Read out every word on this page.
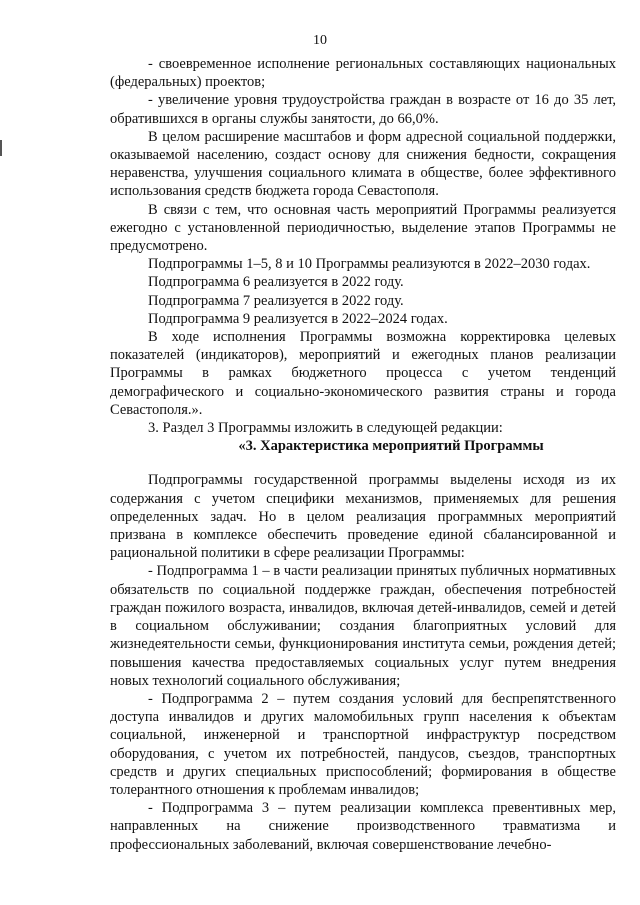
10

- своевременное исполнение региональных составляющих национальных (федеральных) проектов;

- увеличение уровня трудоустройства граждан в возрасте от 16 до 35 лет, обратившихся в органы службы занятости, до 66,0%.

В целом расширение масштабов и форм адресной социальной поддержки, оказываемой населению, создаст основу для снижения бедности, сокращения неравенства, улучшения социального климата в обществе, более эффективного использования средств бюджета города Севастополя.

В связи с тем, что основная часть мероприятий Программы реализуется ежегодно с установленной периодичностью, выделение этапов Программы не предусмотрено.

Подпрограммы 1–5, 8 и 10 Программы реализуются в 2022–2030 годах.

Подпрограмма 6 реализуется в 2022 году.

Подпрограмма 7 реализуется в 2022 году.

Подпрограмма 9 реализуется в 2022–2024 годах.

В ходе исполнения Программы возможна корректировка целевых показателей (индикаторов), мероприятий и ежегодных планов реализации Программы в рамках бюджетного процесса с учетом тенденций демографического и социально-экономического развития страны и города Севастополя.».

3. Раздел 3 Программы изложить в следующей редакции:

«3. Характеристика мероприятий Программы

Подпрограммы государственной программы выделены исходя из их содержания с учетом специфики механизмов, применяемых для решения определенных задач. Но в целом реализация программных мероприятий призвана в комплексе обеспечить проведение единой сбалансированной и рациональной политики в сфере реализации Программы:

- Подпрограмма 1 – в части реализации принятых публичных нормативных обязательств по социальной поддержке граждан, обеспечения потребностей граждан пожилого возраста, инвалидов, включая детей-инвалидов, семей и детей в социальном обслуживании; создания благоприятных условий для жизнедеятельности семьи, функционирования института семьи, рождения детей; повышения качества предоставляемых социальных услуг путем внедрения новых технологий социального обслуживания;

- Подпрограмма 2 – путем создания условий для беспрепятственного доступа инвалидов и других маломобильных групп населения к объектам социальной, инженерной и транспортной инфраструктур посредством оборудования, с учетом их потребностей, пандусов, съездов, транспортных средств и других специальных приспособлений; формирования в обществе толерантного отношения к проблемам инвалидов;

- Подпрограмма 3 – путем реализации комплекса превентивных мер, направленных на снижение производственного травматизма и профессиональных заболеваний, включая совершенствование лечебно-
